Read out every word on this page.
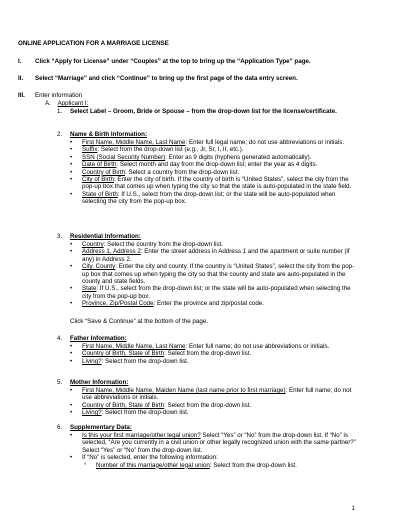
ONLINE APPLICATION FOR A MARRIAGE LICENSE
I. Click “Apply for License” under “Couples” at the top to bring up the “Application Type” page.
II. Select “Marriage” and click “Continue” to bring up the first page of the data entry screen.
III. Enter information
A. Applicant I:
1. Select Label – Groom, Bride or Spouse – from the drop-down list for the license/certificate.
2. Name & Birth Information:
• First Name, Middle Name, Last Name: Enter full legal name; do not use abbreviations or initials.
• Suffix: Select from the drop-down list (e.g., Jr, Sr, I, II, etc.).
• SSN (Social Security Number): Enter as 9 digits (hyphens generated automatically).
• Date of Birth: Select month and day from the drop-down list; enter the year as 4 digits.
• Country of Birth: Select a country from the drop-down list.
• City of Birth: Enter the city of birth. If the country of birth is “United States”, select the city from the pop-up box that comes up when typing the city so that the state is auto-populated in the state field.
• State of Birth: If U.S., select from the drop-down list; or the state will be auto-populated when selecting the city from the pop-up box.
3. Residential Information:
• Country: Select the country from the drop-down list.
• Address 1, Address 2: Enter the street address in Address 1 and the apartment or suite number (if any) in Address 2.
• City, County: Enter the city and county. If the country is “United States”, select the city from the pop-up box that comes up when typing the city so that the county and state are auto-populated in the county and state fields.
• State: If U.S., select from the drop-down list; or the state will be auto-populated when selecting the city from the pop-up box.
• Province, Zip/Postal Code: Enter the province and zip/postal code.
Click “Save & Continue” at the bottom of the page.
4. Father Information:
• First Name, Middle Name, Last Name: Enter full name; do not use abbreviations or initials.
• Country of Birth, State of Birth: Select from the drop-down list.
• Living?: Select from the drop-down list.
5. Mother Information:
• First Name, Middle Name, Maiden Name (last name prior to first marriage): Enter full name; do not use abbreviations or initials.
• Country of Birth, State of Birth: Select from the drop-down list.
• Living?: Select from the drop-down list.
6. Supplementary Data:
• Is this your first marriage/other legal union? Select “Yes” or “No” from the drop-down list. If “No” is selected, “Are you currently in a civil union or other legally recognized union with the same partner?” Select “Yes” or “No” from the drop-down list.
• If “No” is selected, enter the following information:
° Number of this marriage/other legal union: Select from the drop-down list.
1
